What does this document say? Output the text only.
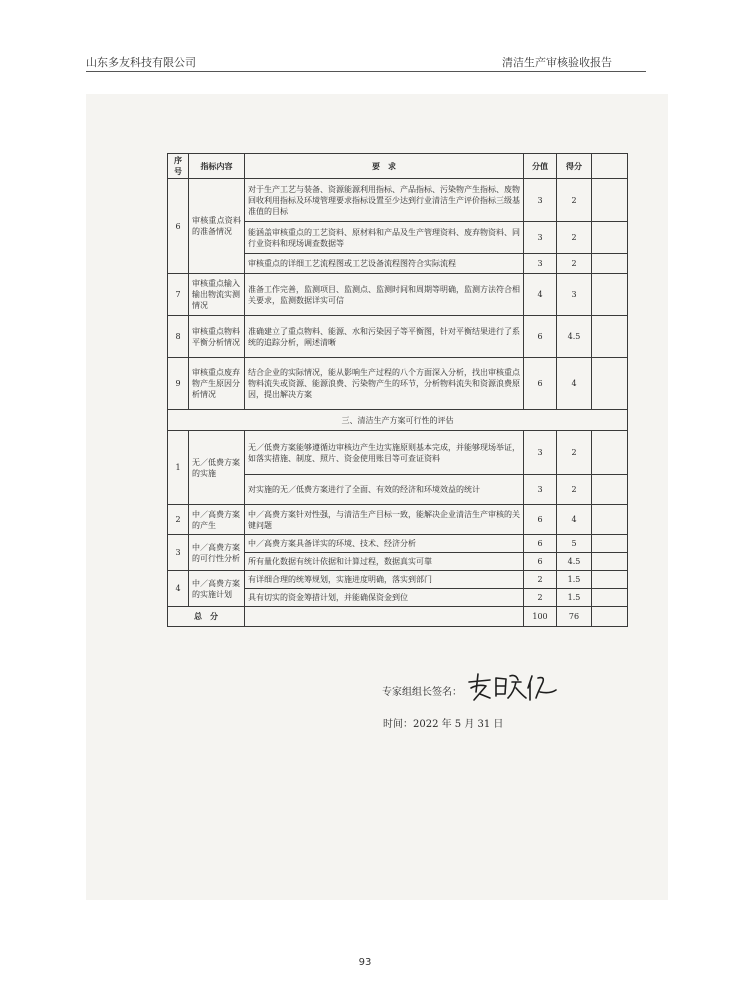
山东多友科技有限公司	清洁生产审核验收报告
序号	指标内容	要　求	分值	得分	
6	审核重点资料的准备情况	对于生产工艺与装备、资源能源利用指标、产品指标、污染物产生指标、废物回收利用指标及环境管理要求指标设置至少达到行业清洁生产评价指标三级基准值的目标	3	2	
		能涵盖审核重点的工艺资料、原材料和产品及生产管理资料、废弃物资料、同行业资料和现场调查数据等	3	2	
		审核重点的详细工艺流程图或工艺设备流程图符合实际流程	3	2	
7	审核重点输入输出物流实测情况	准备工作完善，监测项目、监测点、监测时间和周期等明确，监测方法符合相关要求，监测数据详实可信	4	3	
8	审核重点物料平衡分析情况	准确建立了重点物料、能源、水和污染因子等平衡图，针对平衡结果进行了系统的追踪分析，阐述清晰	6	4.5	
9	审核重点废弃物产生原因分析情况	结合企业的实际情况，能从影响生产过程的八个方面深入分析，找出审核重点物料流失或资源、能源浪费、污染物产生的环节，分析物料流失和资源浪费原因，提出解决方案	6	4	
三、清洁生产方案可行性的评估					
1	无／低费方案的实施	无／低费方案能够遵循边审核边产生边实施原则基本完成，并能够现场举证，如落实措施、制度、照片、资金使用账目等可查证资料	3	2	
		对实施的无／低费方案进行了全面、有效的经济和环境效益的统计	3	2	
2	中／高费方案的产生	中／高费方案针对性强，与清洁生产目标一致，能解决企业清洁生产审核的关键问题	6	4	
3	中／高费方案的可行性分析	中／高费方案具备详实的环境、技术、经济分析	6	5	
		所有量化数据有统计依据和计算过程，数据真实可靠	6	4.5	
4	中／高费方案的实施计划	有详细合理的统筹规划，实施进度明确，落实到部门	2	1.5	
		具有切实的资金筹措计划，并能确保资金到位	2	1.5	
总　分			100	76	
专家组组长签名：
时间：2022 年 5 月 31 日
93
